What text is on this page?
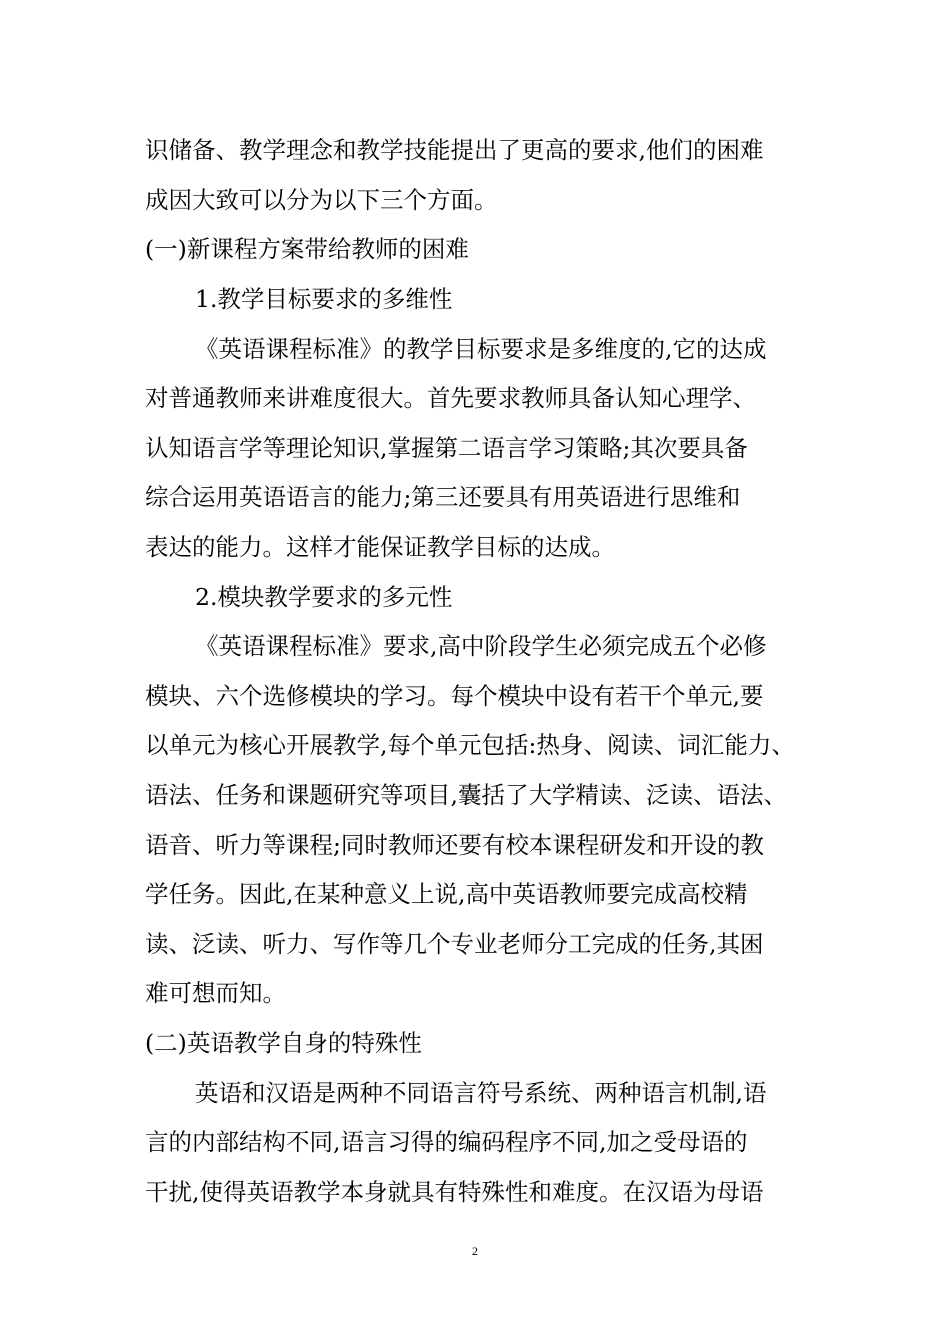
识储备、教学理念和教学技能提出了更高的要求,他们的困难
成因大致可以分为以下三个方面。
(一)新课程方案带给教师的困难
1.教学目标要求的多维性
《英语课程标准》的教学目标要求是多维度的,它的达成
对普通教师来讲难度很大。首先要求教师具备认知心理学、
认知语言学等理论知识,掌握第二语言学习策略;其次要具备
综合运用英语语言的能力;第三还要具有用英语进行思维和
表达的能力。这样才能保证教学目标的达成。
2.模块教学要求的多元性
《英语课程标准》要求,高中阶段学生必须完成五个必修
模块、六个选修模块的学习。每个模块中设有若干个单元,要
以单元为核心开展教学,每个单元包括:热身、阅读、词汇能力、
语法、任务和课题研究等项目,囊括了大学精读、泛读、语法、
语音、听力等课程;同时教师还要有校本课程研发和开设的教
学任务。因此,在某种意义上说,高中英语教师要完成高校精
读、泛读、听力、写作等几个专业老师分工完成的任务,其困
难可想而知。
(二)英语教学自身的特殊性
英语和汉语是两种不同语言符号系统、两种语言机制,语
言的内部结构不同,语言习得的编码程序不同,加之受母语的
干扰,使得英语教学本身就具有特殊性和难度。在汉语为母语
2
